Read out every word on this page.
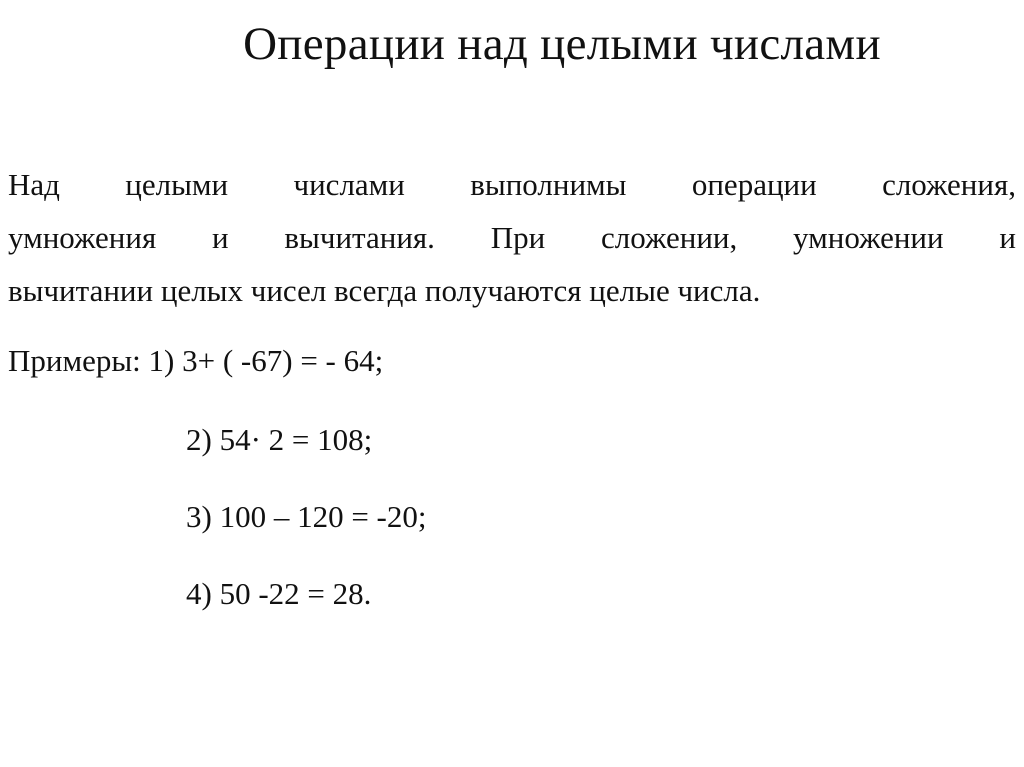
Операции над целыми числами
Над целыми числами выполнимы операции сложения,
умножения и вычитания. При сложении, умножении и
вычитании целых чисел всегда получаются целые числа.
Примеры: 1) 3+ ( -67) = - 64;
2) 54· 2 = 108;
3) 100 – 120 = -20;
4) 50 -22 = 28.
